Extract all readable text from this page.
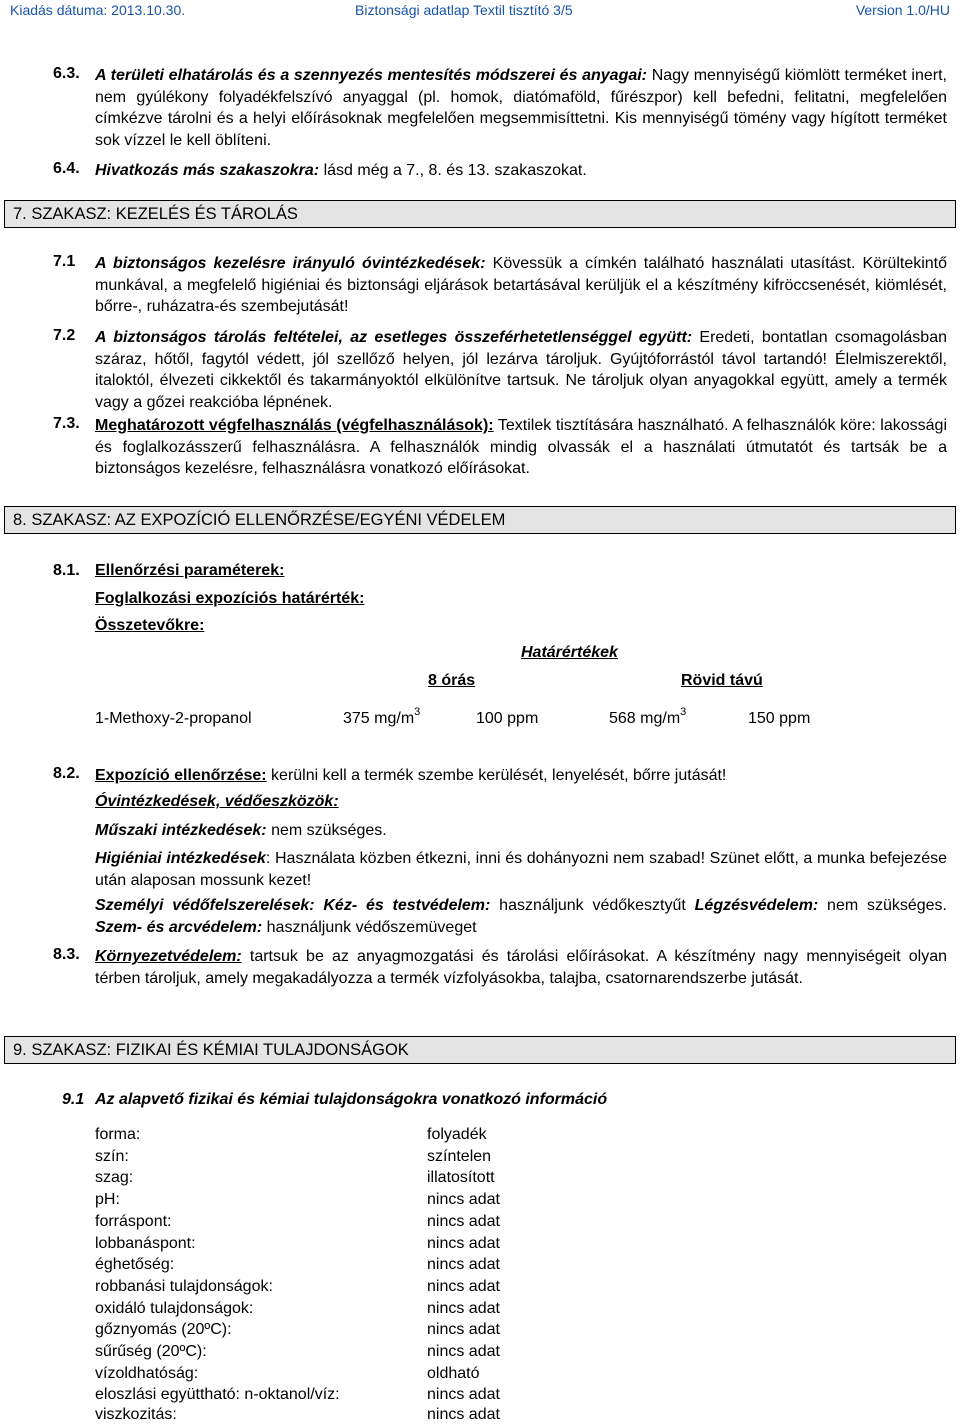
Kiadás dátuma: 2013.10.30.	Biztonsági adatlap Textil tisztító 3/5	Version 1.0/HU
6.3. A területi elhatárolás és a szennyezés mentesítés módszerei és anyagai: Nagy mennyiségű kiömlött terméket inert, nem gyúlékony folyadékfelszívó anyaggal (pl. homok, diatómaföld, fűrészpor) kell befedni, felitatni, megfelelően címkézve tárolni és a helyi előírásoknak megfelelően megsemmisíttetni. Kis mennyiségű tömény vagy hígított terméket sok vízzel le kell öblíteni.
6.4. Hivatkozás más szakaszokra: lásd még a 7., 8. és 13. szakaszokat.
7. SZAKASZ: KEZELÉS ÉS TÁROLÁS
7.1 A biztonságos kezelésre irányuló óvintézkedések: Kövessük a címkén található használati utasítást. Körültekintő munkával, a megfelelő higiéniai és biztonsági eljárások betartásával kerüljük el a készítmény kifröccsenését, kiömlését, bőrre-, ruházatra-és szembejutását!
7.2 A biztonságos tárolás feltételei, az esetleges összeférhetetlenséggel együtt: Eredeti, bontatlan csomagolásban száraz, hőtől, fagytól védett, jól szellőző helyen, jól lezárva tároljuk. Gyújtóforrástól távol tartandó! Élelmiszerektől, italoktól, élvezeti cikkektől és takarmányoktól elkülönítve tartsuk. Ne tároljuk olyan anyagokkal együtt, amely a termék vagy a gőzei reakcióba lépnének.
7.3. Meghatározott végfelhasználás (végfelhasználások): Textilek tisztítására használható. A felhasználók köre: lakossági és foglalkozásszerű felhasználásra. A felhasználók mindig olvassák el a használati útmutatót és tartsák be a biztonságos kezelésre, felhasználásra vonatkozó előírásokat.
8. SZAKASZ: AZ EXPOZÍCIÓ ELLENŐRZÉSE/EGYÉNI VÉDELEM
8.1. Ellenőrzési paraméterek:
Foglalkozási expozíciós határérték:
Összetevőkre:
Határértékek
8 órás	Rövid távú
1-Methoxy-2-propanol	375 $mg/m^3$	100 ppm	568 $mg/m^3$	150 ppm
8.2. Expozíció ellenőrzése: kerülni kell a termék szembe kerülését, lenyelését, bőrre jutását!
Óvintézkedések, védőeszközök:
Műszaki intézkedések: nem szükséges.
Higiéniai intézkedések: Használata közben étkezni, inni és dohányozni nem szabad! Szünet előtt, a munka befejezése után alaposan mossunk kezet!
Személyi védőfelszerelések: Kéz- és testvédelem: használjunk védőkesztyűt Légzésvédelem: nem szükséges. Szem- és arcvédelem: használjunk védőszemüveget
8.3. Környezetvédelem: tartsuk be az anyagmozgatási és tárolási előírásokat. A készítmény nagy mennyiségeit olyan térben tároljuk, amely megakadályozza a termék vízfolyásokba, talajba, csatornarendszerbe jutását.
9. SZAKASZ: FIZIKAI ÉS KÉMIAI TULAJDONSÁGOK
9.1 Az alapvető fizikai és kémiai tulajdonságokra vonatkozó információ
forma:	folyadék
szín:	színtelen
szag:	illatosított
pH:	nincs adat
forráspont:	nincs adat
lobbanáspont:	nincs adat
éghetőség:	nincs adat
robbanási tulajdonságok:	nincs adat
oxidáló tulajdonságok:	nincs adat
gőznyomás (20ºC):	nincs adat
sűrűség (20ºC):	nincs adat
vízoldhatóság:	oldható
eloszlási együttható: n-oktanol/víz:	nincs adat
viszkozitás:	nincs adat
